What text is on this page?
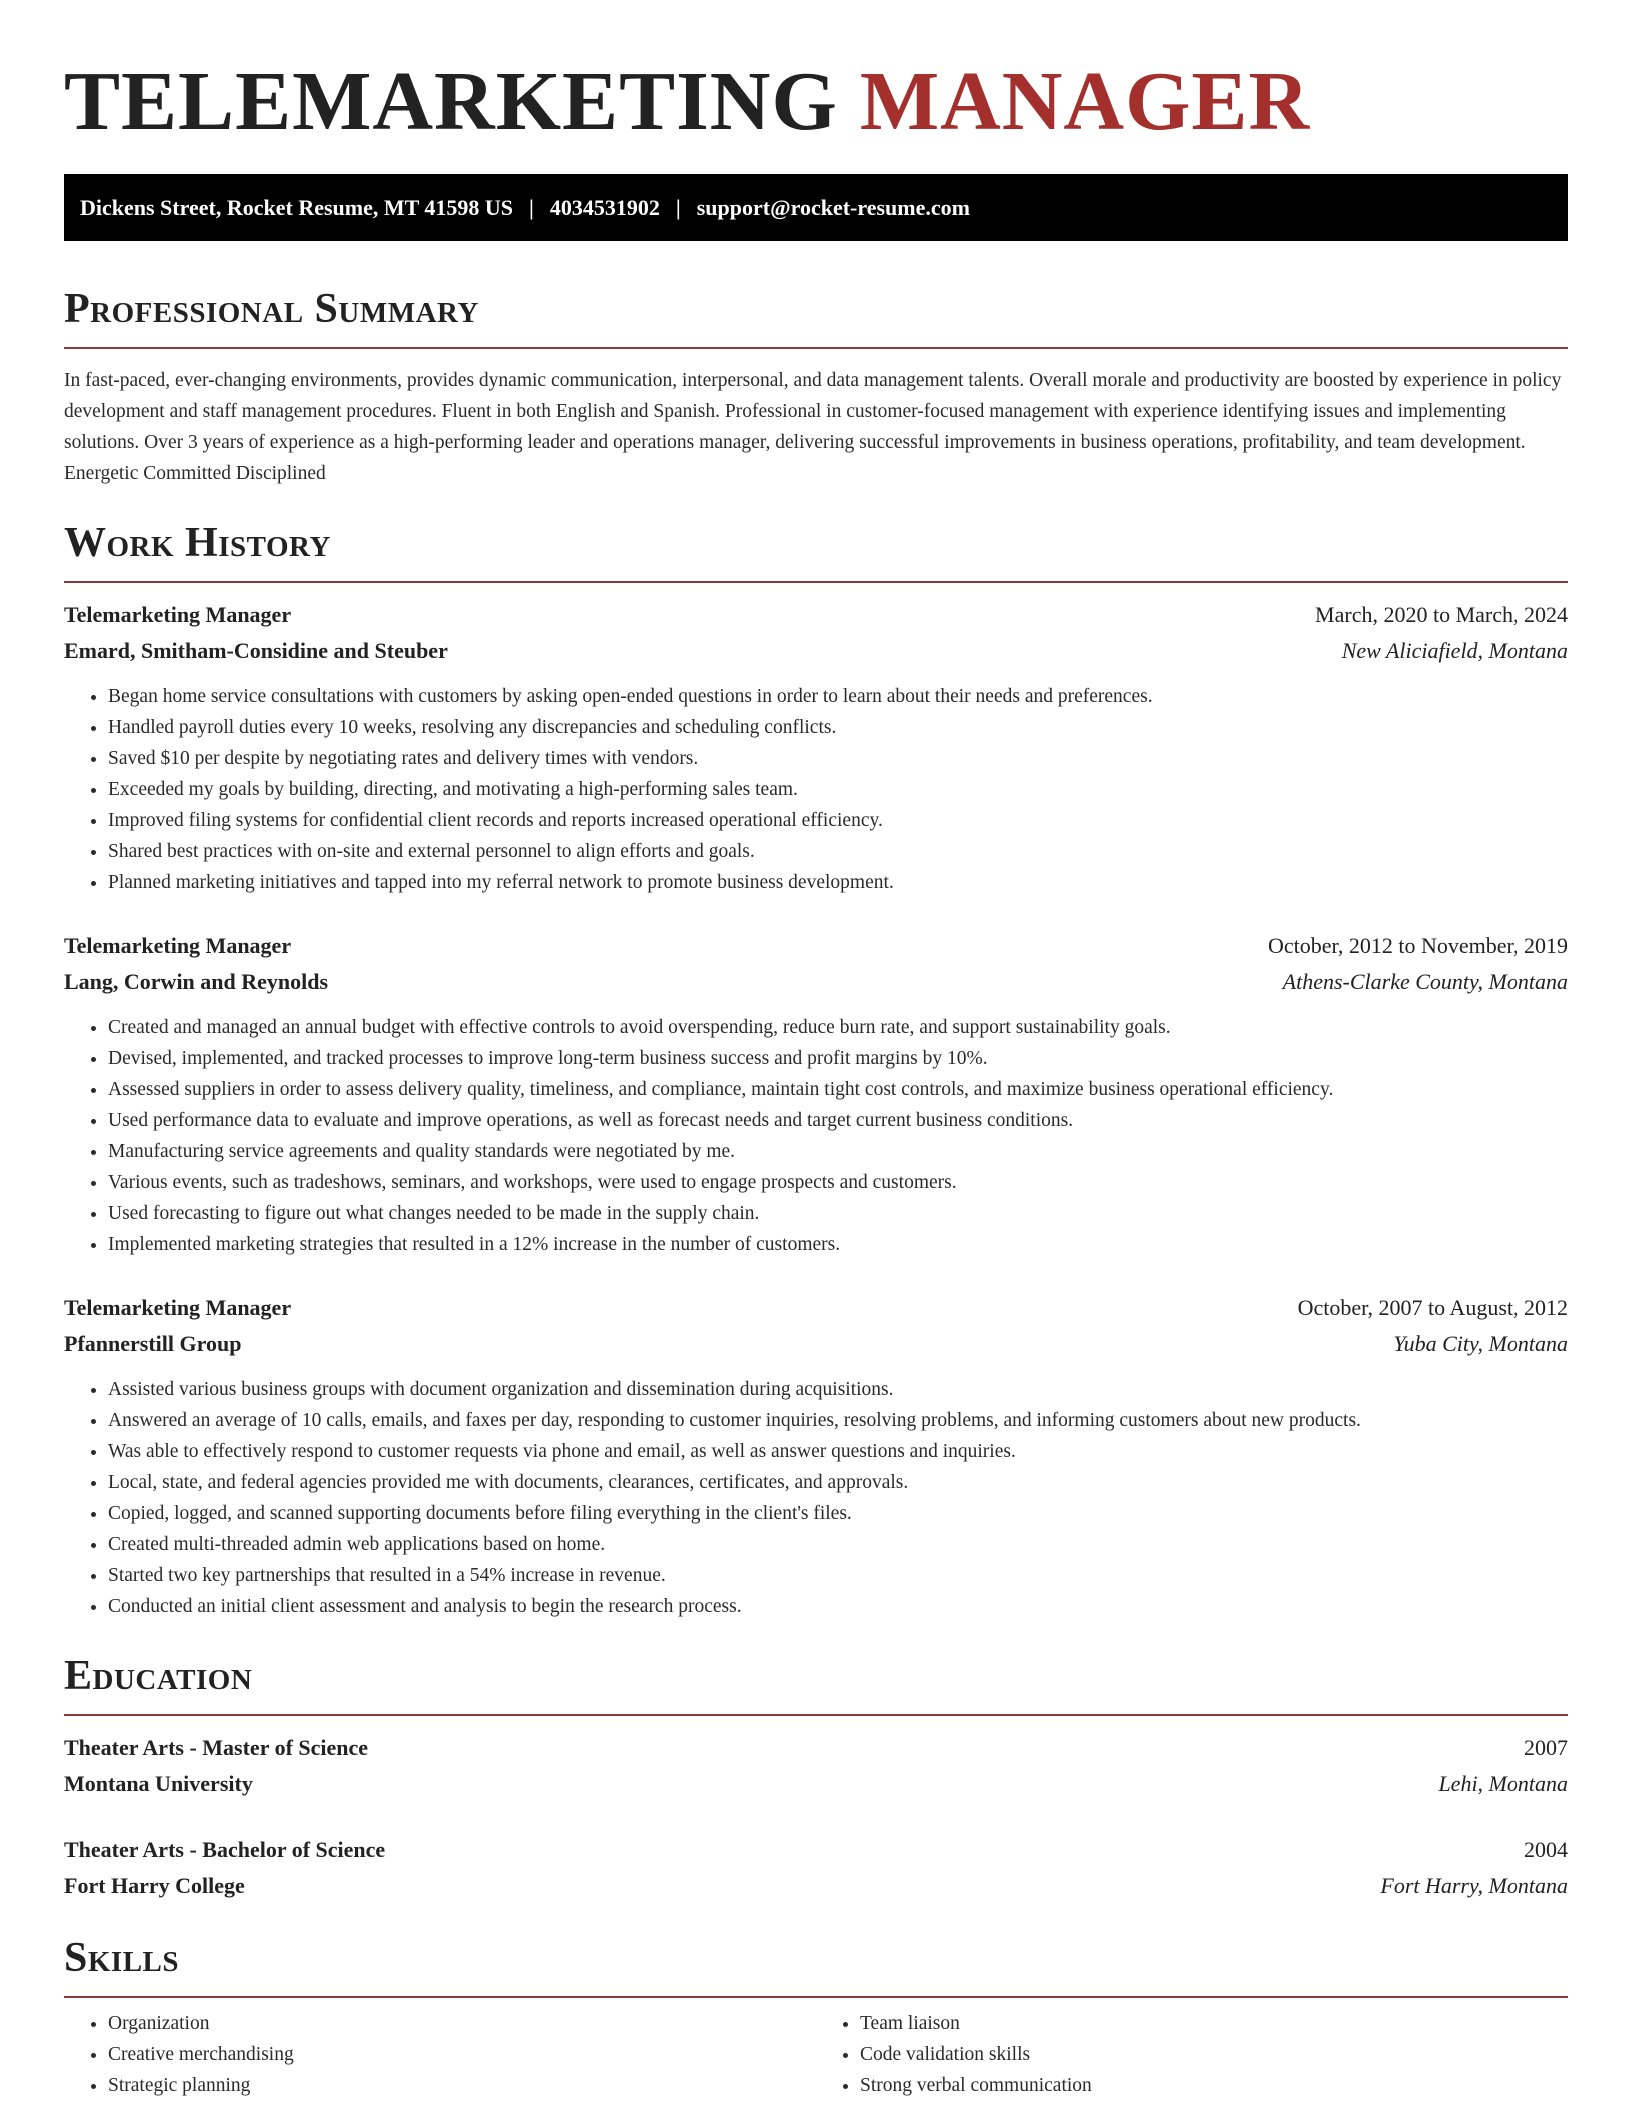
TELEMARKETING MANAGER
Dickens Street, Rocket Resume, MT 41598 US | 4034531902 | support@rocket-resume.com
Professional Summary

In fast-paced, ever-changing environments, provides dynamic communication, interpersonal, and data management talents. Overall morale and productivity are boosted by experience in policy development and staff management procedures. Fluent in both English and Spanish. Professional in customer-focused management with experience identifying issues and implementing solutions. Over 3 years of experience as a high-performing leader and operations manager, delivering successful improvements in business operations, profitability, and team development. Energetic Committed Disciplined

Work History
Telemarketing Manager	March, 2020 to March, 2024
Emard, Smitham-Considine and Steuber	New Aliciafield, Montana
• Began home service consultations with customers by asking open-ended questions in order to learn about their needs and preferences.
• Handled payroll duties every 10 weeks, resolving any discrepancies and scheduling conflicts.
• Saved $10 per despite by negotiating rates and delivery times with vendors.
• Exceeded my goals by building, directing, and motivating a high-performing sales team.
• Improved filing systems for confidential client records and reports increased operational efficiency.
• Shared best practices with on-site and external personnel to align efforts and goals.
• Planned marketing initiatives and tapped into my referral network to promote business development.
Telemarketing Manager	October, 2012 to November, 2019
Lang, Corwin and Reynolds	Athens-Clarke County, Montana
• Created and managed an annual budget with effective controls to avoid overspending, reduce burn rate, and support sustainability goals.
• Devised, implemented, and tracked processes to improve long-term business success and profit margins by 10%.
• Assessed suppliers in order to assess delivery quality, timeliness, and compliance, maintain tight cost controls, and maximize business operational efficiency.
• Used performance data to evaluate and improve operations, as well as forecast needs and target current business conditions.
• Manufacturing service agreements and quality standards were negotiated by me.
• Various events, such as tradeshows, seminars, and workshops, were used to engage prospects and customers.
• Used forecasting to figure out what changes needed to be made in the supply chain.
• Implemented marketing strategies that resulted in a 12% increase in the number of customers.
Telemarketing Manager	October, 2007 to August, 2012
Pfannerstill Group	Yuba City, Montana
• Assisted various business groups with document organization and dissemination during acquisitions.
• Answered an average of 10 calls, emails, and faxes per day, responding to customer inquiries, resolving problems, and informing customers about new products.
• Was able to effectively respond to customer requests via phone and email, as well as answer questions and inquiries.
• Local, state, and federal agencies provided me with documents, clearances, certificates, and approvals.
• Copied, logged, and scanned supporting documents before filing everything in the client's files.
• Created multi-threaded admin web applications based on home.
• Started two key partnerships that resulted in a 54% increase in revenue.
• Conducted an initial client assessment and analysis to begin the research process.
Education
Theater Arts - Master of Science	2007
Montana University	Lehi, Montana
Theater Arts - Bachelor of Science	2004
Fort Harry College	Fort Harry, Montana
Skills
• Organization
• Creative merchandising
• Strategic planning
• Team liaison
• Code validation skills
• Strong verbal communication
